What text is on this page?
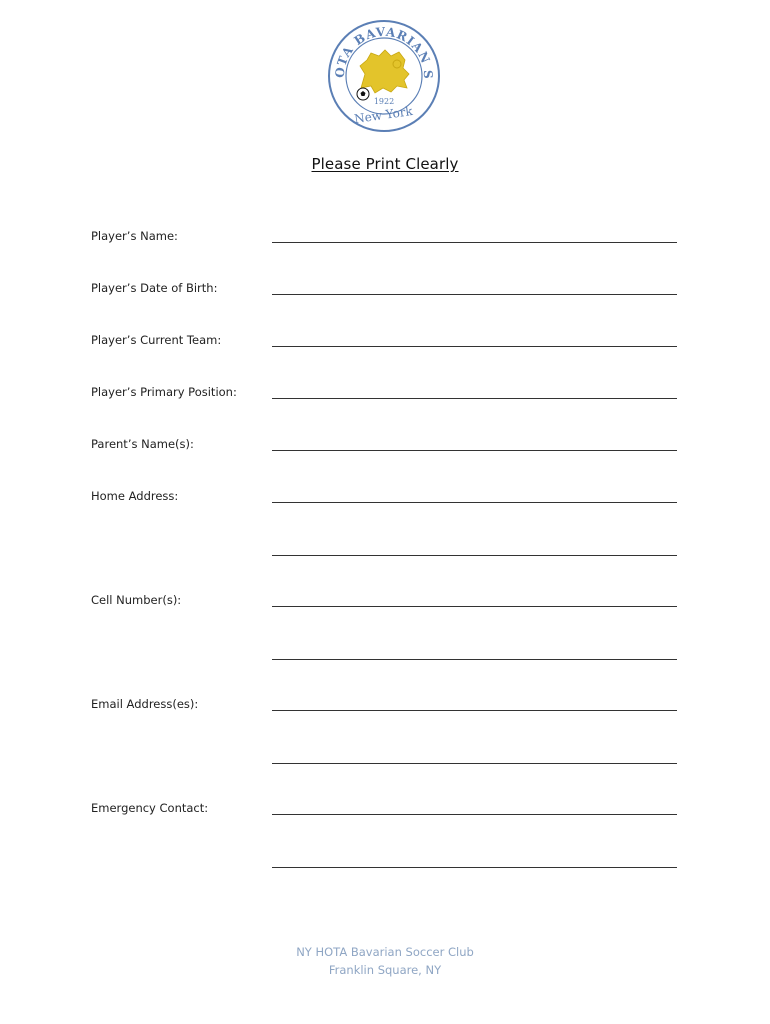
OTA BAVARIAN S
1922
New York
Please Print Clearly
Player’s Name:
Player’s Date of Birth:
Player’s Current Team:
Player’s Primary Position:
Parent’s Name(s):
Home Address:
Cell Number(s):
Email Address(es):
Emergency Contact:
NY HOTA Bavarian Soccer Club
Franklin Square, NY
